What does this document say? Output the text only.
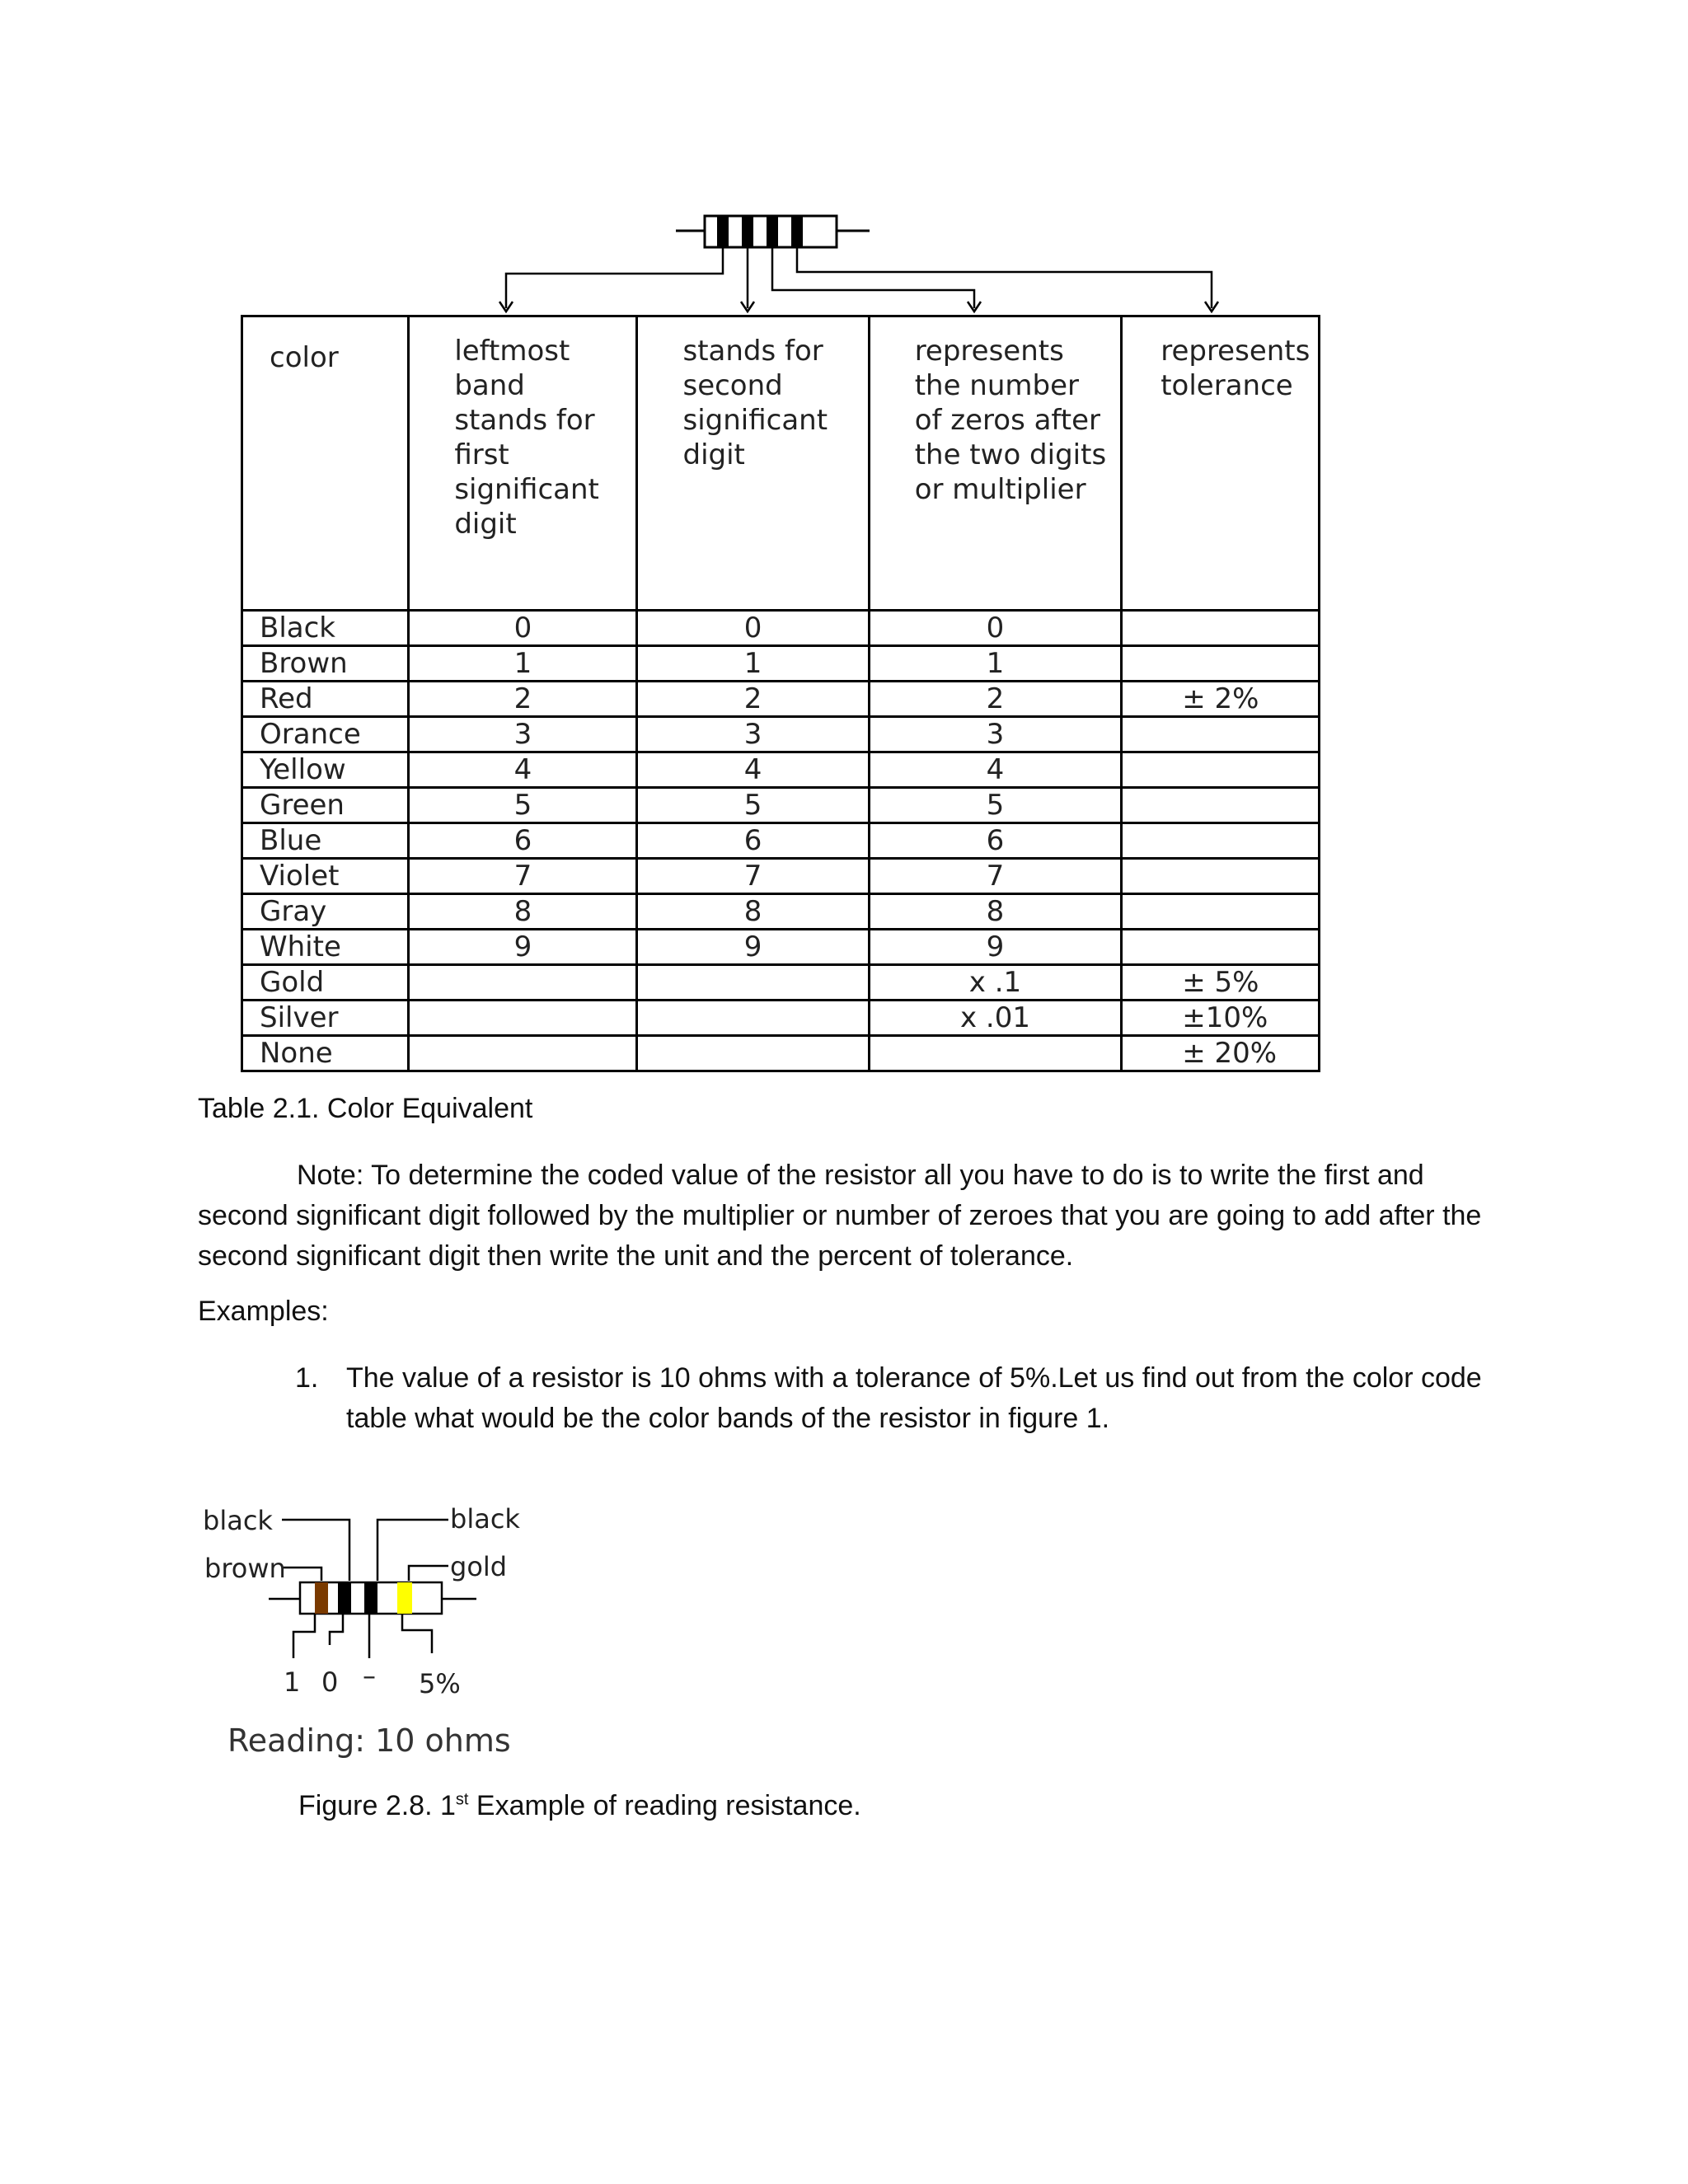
color	leftmost band stands for first significant digit	stands for second significant digit	represents the number of zeros after the two digits or multiplier	represents tolerance
Black	0	0	0	
Brown	1	1	1	
Red	2	2	2	± 2%
Orance	3	3	3	
Yellow	4	4	4	
Green	5	5	5	
Blue	6	6	6	
Violet	7	7	7	
Gray	8	8	8	
White	9	9	9	
Gold			x .1	± 5%
Silver			x .01	±10%
None				± 20%
Table 2.1. Color Equivalent

Note: To determine the coded value of the resistor all you have to do is to write the first and second significant digit followed by the multiplier or number of zeroes that you are going to add after the second significant digit then write the unit and the percent of tolerance.

Examples:
1. The value of a resistor is 10 ohms with a tolerance of 5%.Let us find out from the color code table what would be the color bands of the resistor in figure 1.
black
brown
black
gold
1 0 – 5%
Reading: 10 ohms
Figure 2.8. 1st Example of reading resistance.
